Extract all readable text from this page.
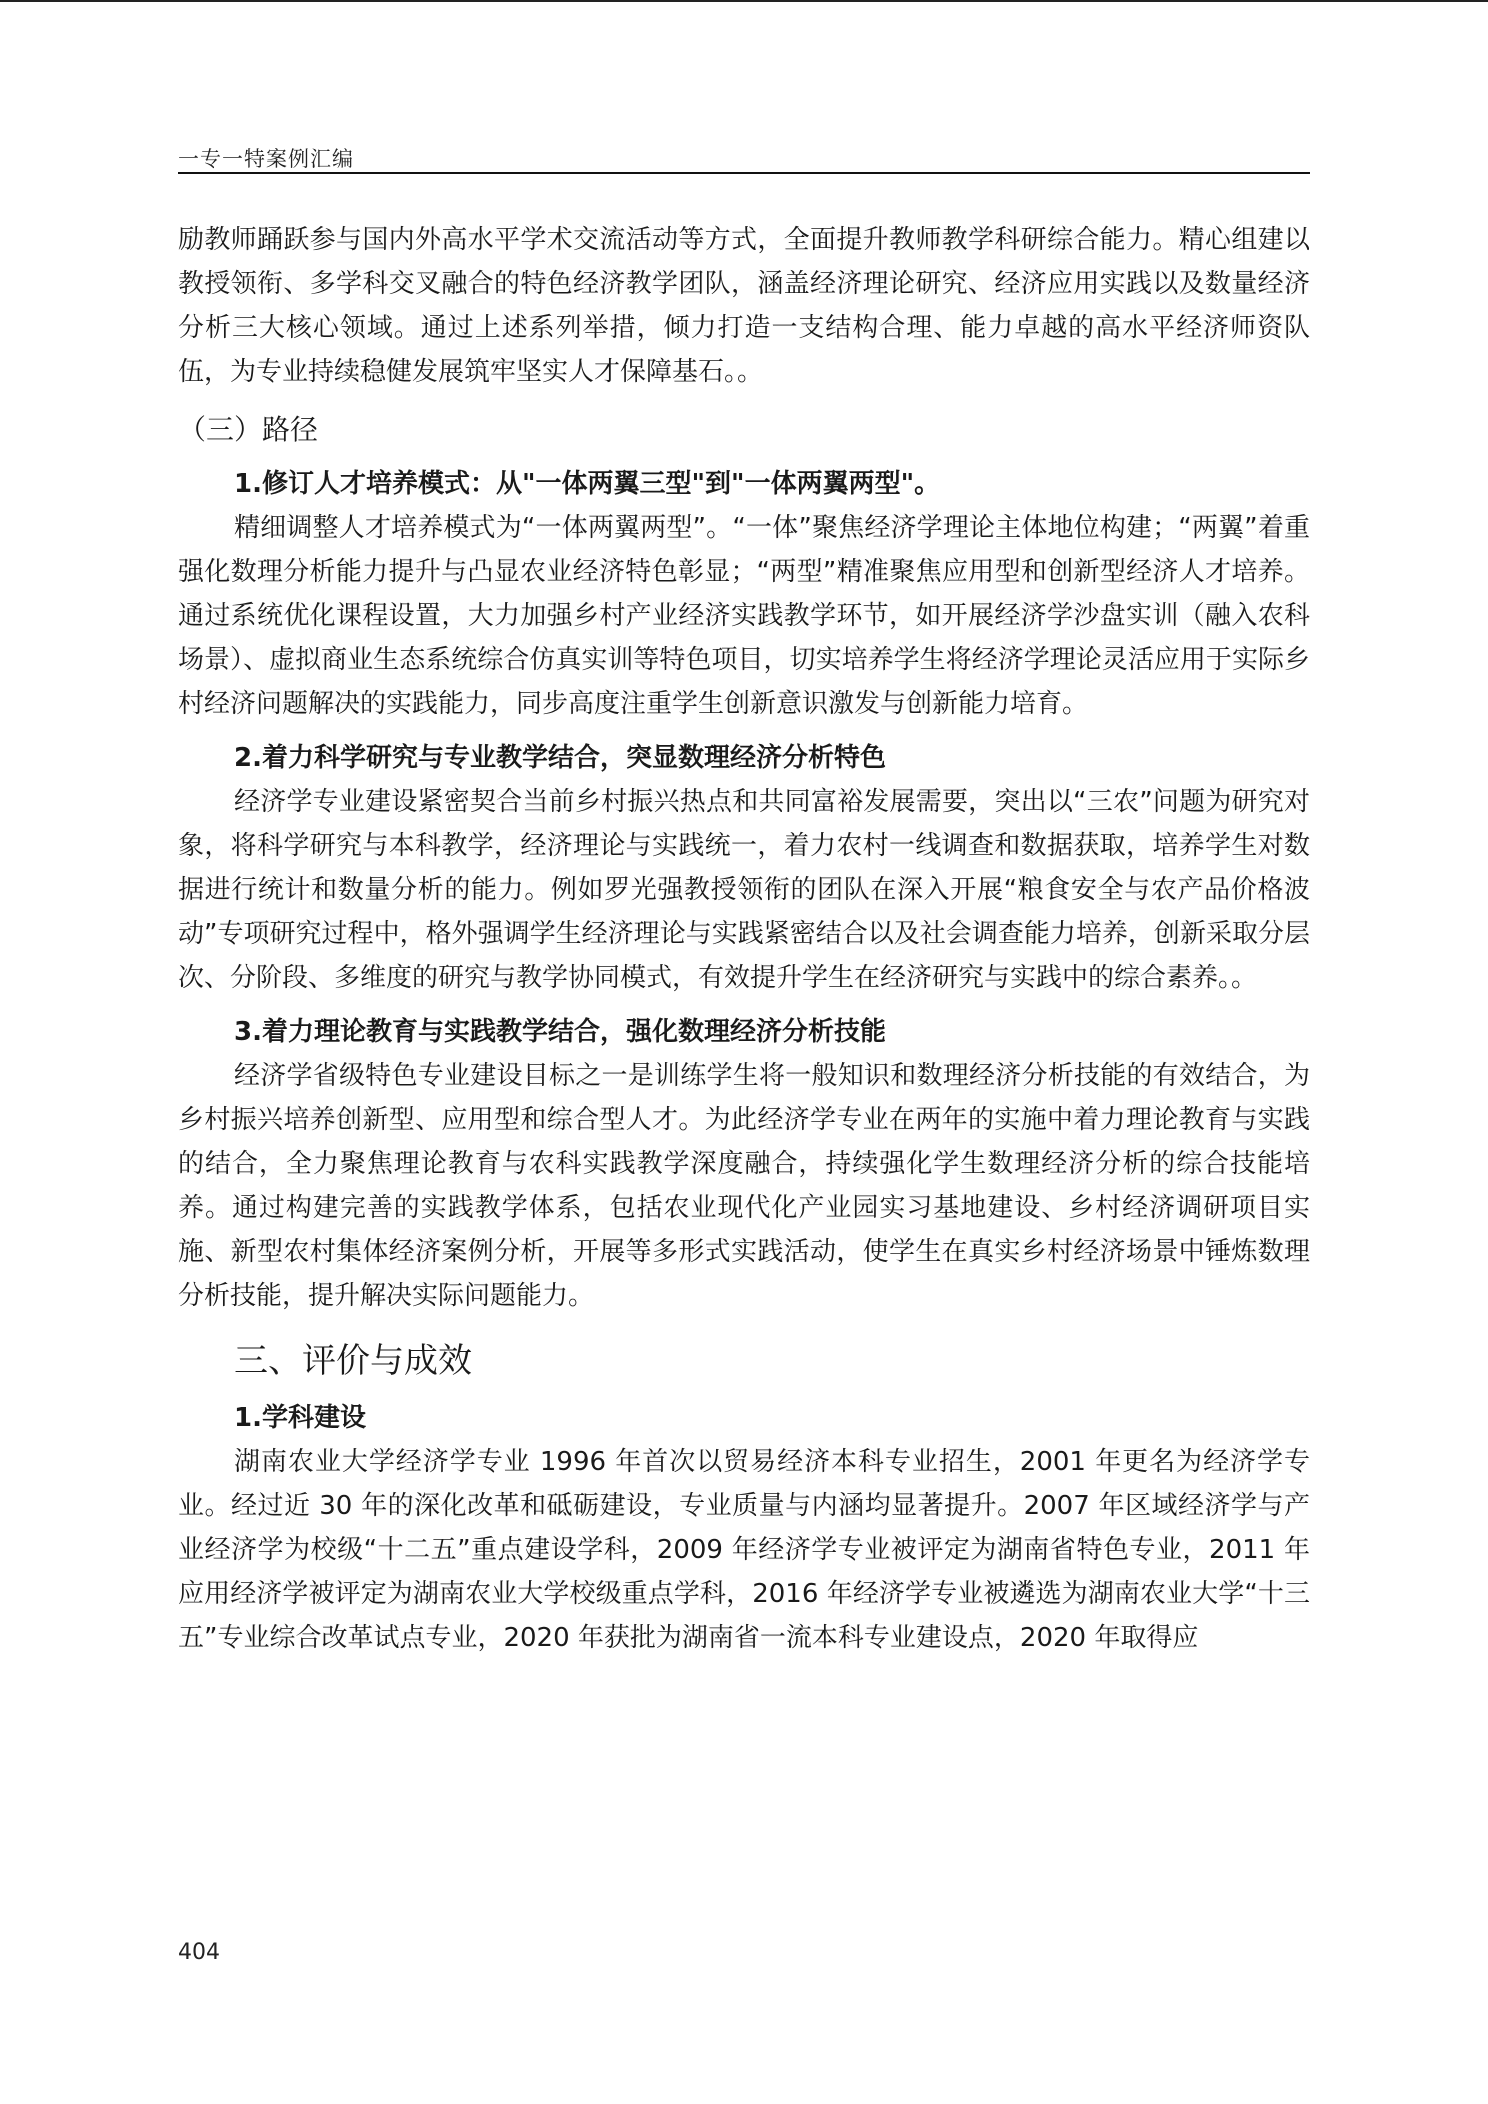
一专一特案例汇编

励教师踊跃参与国内外高水平学术交流活动等方式，全面提升教师教学科研综合能力。精心组建以教授领衔、多学科交叉融合的特色经济教学团队，涵盖经济理论研究、经济应用实践以及数量经济分析三大核心领域。通过上述系列举措，倾力打造一支结构合理、能力卓越的高水平经济师资队伍，为专业持续稳健发展筑牢坚实人才保障基石。。

（三）路径
1.修订人才培养模式：从"一体两翼三型"到"一体两翼两型"。

精细调整人才培养模式为“一体两翼两型”。“一体”聚焦经济学理论主体地位构建；“两翼”着重强化数理分析能力提升与凸显农业经济特色彰显；“两型”精准聚焦应用型和创新型经济人才培养。通过系统优化课程设置，大力加强乡村产业经济实践教学环节，如开展经济学沙盘实训（融入农科场景）、虚拟商业生态系统综合仿真实训等特色项目，切实培养学生将经济学理论灵活应用于实际乡村经济问题解决的实践能力，同步高度注重学生创新意识激发与创新能力培育。

2.着力科学研究与专业教学结合，突显数理经济分析特色

经济学专业建设紧密契合当前乡村振兴热点和共同富裕发展需要，突出以“三农”问题为研究对象，将科学研究与本科教学，经济理论与实践统一，着力农村一线调查和数据获取，培养学生对数据进行统计和数量分析的能力。例如罗光强教授领衔的团队在深入开展“粮食安全与农产品价格波动”专项研究过程中，格外强调学生经济理论与实践紧密结合以及社会调查能力培养，创新采取分层次、分阶段、多维度的研究与教学协同模式，有效提升学生在经济研究与实践中的综合素养。。

3.着力理论教育与实践教学结合，强化数理经济分析技能

经济学省级特色专业建设目标之一是训练学生将一般知识和数理经济分析技能的有效结合，为乡村振兴培养创新型、应用型和综合型人才。为此经济学专业在两年的实施中着力理论教育与实践的结合，全力聚焦理论教育与农科实践教学深度融合，持续强化学生数理经济分析的综合技能培养。通过构建完善的实践教学体系，包括农业现代化产业园实习基地建设、乡村经济调研项目实施、新型农村集体经济案例分析，开展等多形式实践活动，使学生在真实乡村经济场景中锤炼数理分析技能，提升解决实际问题能力。

三、评价与成效
1.学科建设

湖南农业大学经济学专业 1996 年首次以贸易经济本科专业招生，2001 年更名为经济学专业。经过近 30 年的深化改革和砥砺建设，专业质量与内涵均显著提升。2007 年区域经济学与产业经济学为校级“十二五”重点建设学科，2009 年经济学专业被评定为湖南省特色专业，2011 年应用经济学被评定为湖南农业大学校级重点学科，2016 年经济学专业被遴选为湖南农业大学“十三五”专业综合改革试点专业，2020 年获批为湖南省一流本科专业建设点，2020 年取得应

404
